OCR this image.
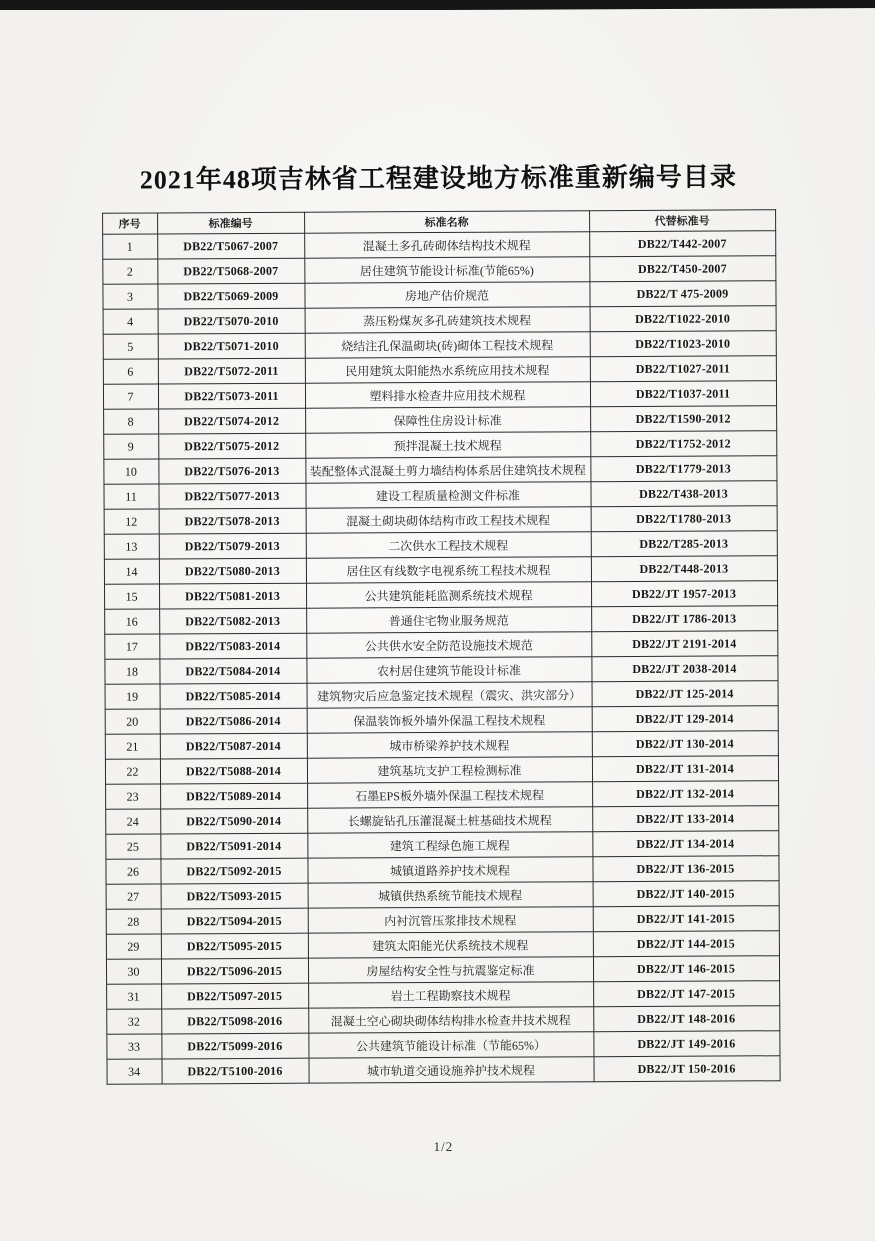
2021年48项吉林省工程建设地方标准重新编号目录
序号	标准编号	标准名称	代替标准号
1	DB22/T5067-2007	混凝土多孔砖砌体结构技术规程	DB22/T442-2007
2	DB22/T5068-2007	居住建筑节能设计标准(节能65%)	DB22/T450-2007
3	DB22/T5069-2009	房地产估价规范	DB22/T 475-2009
4	DB22/T5070-2010	蒸压粉煤灰多孔砖建筑技术规程	DB22/T1022-2010
5	DB22/T5071-2010	烧结注孔保温砌块(砖)砌体工程技术规程	DB22/T1023-2010
6	DB22/T5072-2011	民用建筑太阳能热水系统应用技术规程	DB22/T1027-2011
7	DB22/T5073-2011	塑料排水检查井应用技术规程	DB22/T1037-2011
8	DB22/T5074-2012	保障性住房设计标准	DB22/T1590-2012
9	DB22/T5075-2012	预拌混凝土技术规程	DB22/T1752-2012
10	DB22/T5076-2013	装配整体式混凝土剪力墙结构体系居住建筑技术规程	DB22/T1779-2013
11	DB22/T5077-2013	建设工程质量检测文件标准	DB22/T438-2013
12	DB22/T5078-2013	混凝土砌块砌体结构市政工程技术规程	DB22/T1780-2013
13	DB22/T5079-2013	二次供水工程技术规程	DB22/T285-2013
14	DB22/T5080-2013	居住区有线数字电视系统工程技术规程	DB22/T448-2013
15	DB22/T5081-2013	公共建筑能耗监测系统技术规程	DB22/JT 1957-2013
16	DB22/T5082-2013	普通住宅物业服务规范	DB22/JT 1786-2013
17	DB22/T5083-2014	公共供水安全防范设施技术规范	DB22/JT 2191-2014
18	DB22/T5084-2014	农村居住建筑节能设计标准	DB22/JT 2038-2014
19	DB22/T5085-2014	建筑物灾后应急鉴定技术规程（震灾、洪灾部分）	DB22/JT 125-2014
20	DB22/T5086-2014	保温装饰板外墙外保温工程技术规程	DB22/JT 129-2014
21	DB22/T5087-2014	城市桥梁养护技术规程	DB22/JT 130-2014
22	DB22/T5088-2014	建筑基坑支护工程检测标准	DB22/JT 131-2014
23	DB22/T5089-2014	石墨EPS板外墙外保温工程技术规程	DB22/JT 132-2014
24	DB22/T5090-2014	长螺旋钻孔压灌混凝土桩基础技术规程	DB22/JT 133-2014
25	DB22/T5091-2014	建筑工程绿色施工规程	DB22/JT 134-2014
26	DB22/T5092-2015	城镇道路养护技术规程	DB22/JT 136-2015
27	DB22/T5093-2015	城镇供热系统节能技术规程	DB22/JT 140-2015
28	DB22/T5094-2015	内衬沉管压浆排技术规程	DB22/JT 141-2015
29	DB22/T5095-2015	建筑太阳能光伏系统技术规程	DB22/JT 144-2015
30	DB22/T5096-2015	房屋结构安全性与抗震鉴定标准	DB22/JT 146-2015
31	DB22/T5097-2015	岩土工程勘察技术规程	DB22/JT 147-2015
32	DB22/T5098-2016	混凝土空心砌块砌体结构排水检查井技术规程	DB22/JT 148-2016
33	DB22/T5099-2016	公共建筑节能设计标准（节能65%）	DB22/JT 149-2016
34	DB22/T5100-2016	城市轨道交通设施养护技术规程	DB22/JT 150-2016
1/2
